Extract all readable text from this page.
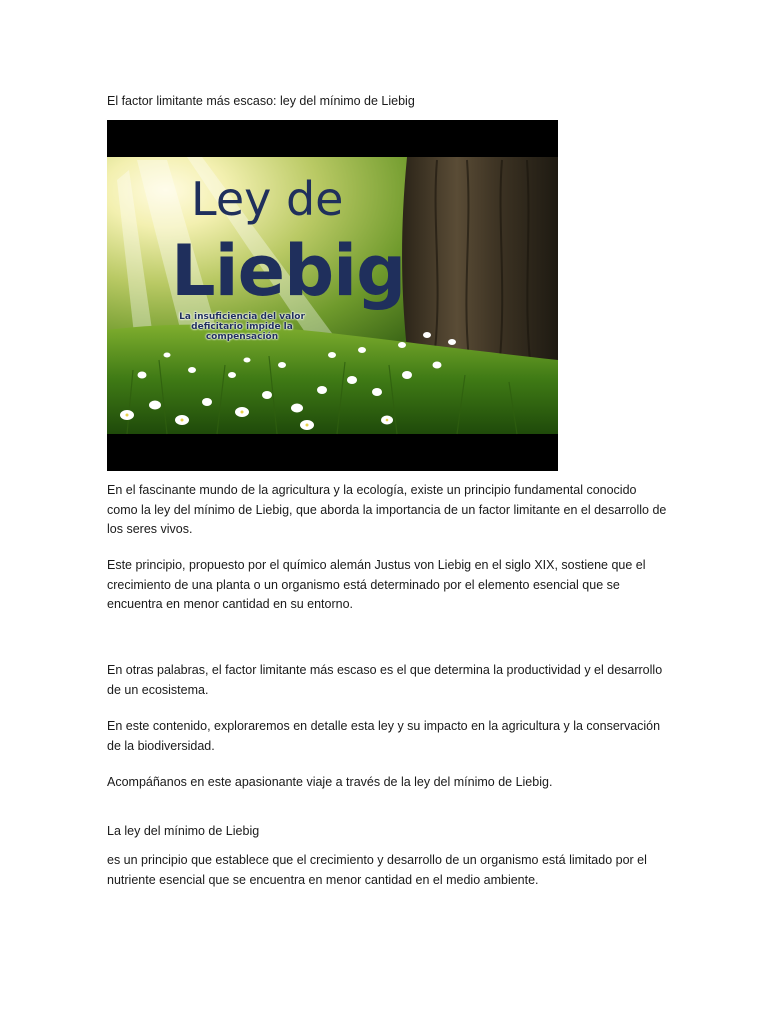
El factor limitante más escaso: ley del mínimo de Liebig

Ley de
Liebig
La insuficiencia del valor deficitario impide la compensación

En el fascinante mundo de la agricultura y la ecología, existe un principio fundamental conocido como la ley del mínimo de Liebig, que aborda la importancia de un factor limitante en el desarrollo de los seres vivos.

Este principio, propuesto por el químico alemán Justus von Liebig en el siglo XIX, sostiene que el crecimiento de una planta o un organismo está determinado por el elemento esencial que se encuentra en menor cantidad en su entorno.

En otras palabras, el factor limitante más escaso es el que determina la productividad y el desarrollo de un ecosistema.

En este contenido, exploraremos en detalle esta ley y su impacto en la agricultura y la conservación de la biodiversidad.

Acompáñanos en este apasionante viaje a través de la ley del mínimo de Liebig.

La ley del mínimo de Liebig

es un principio que establece que el crecimiento y desarrollo de un organismo está limitado por el nutriente esencial que se encuentra en menor cantidad en el medio ambiente.
